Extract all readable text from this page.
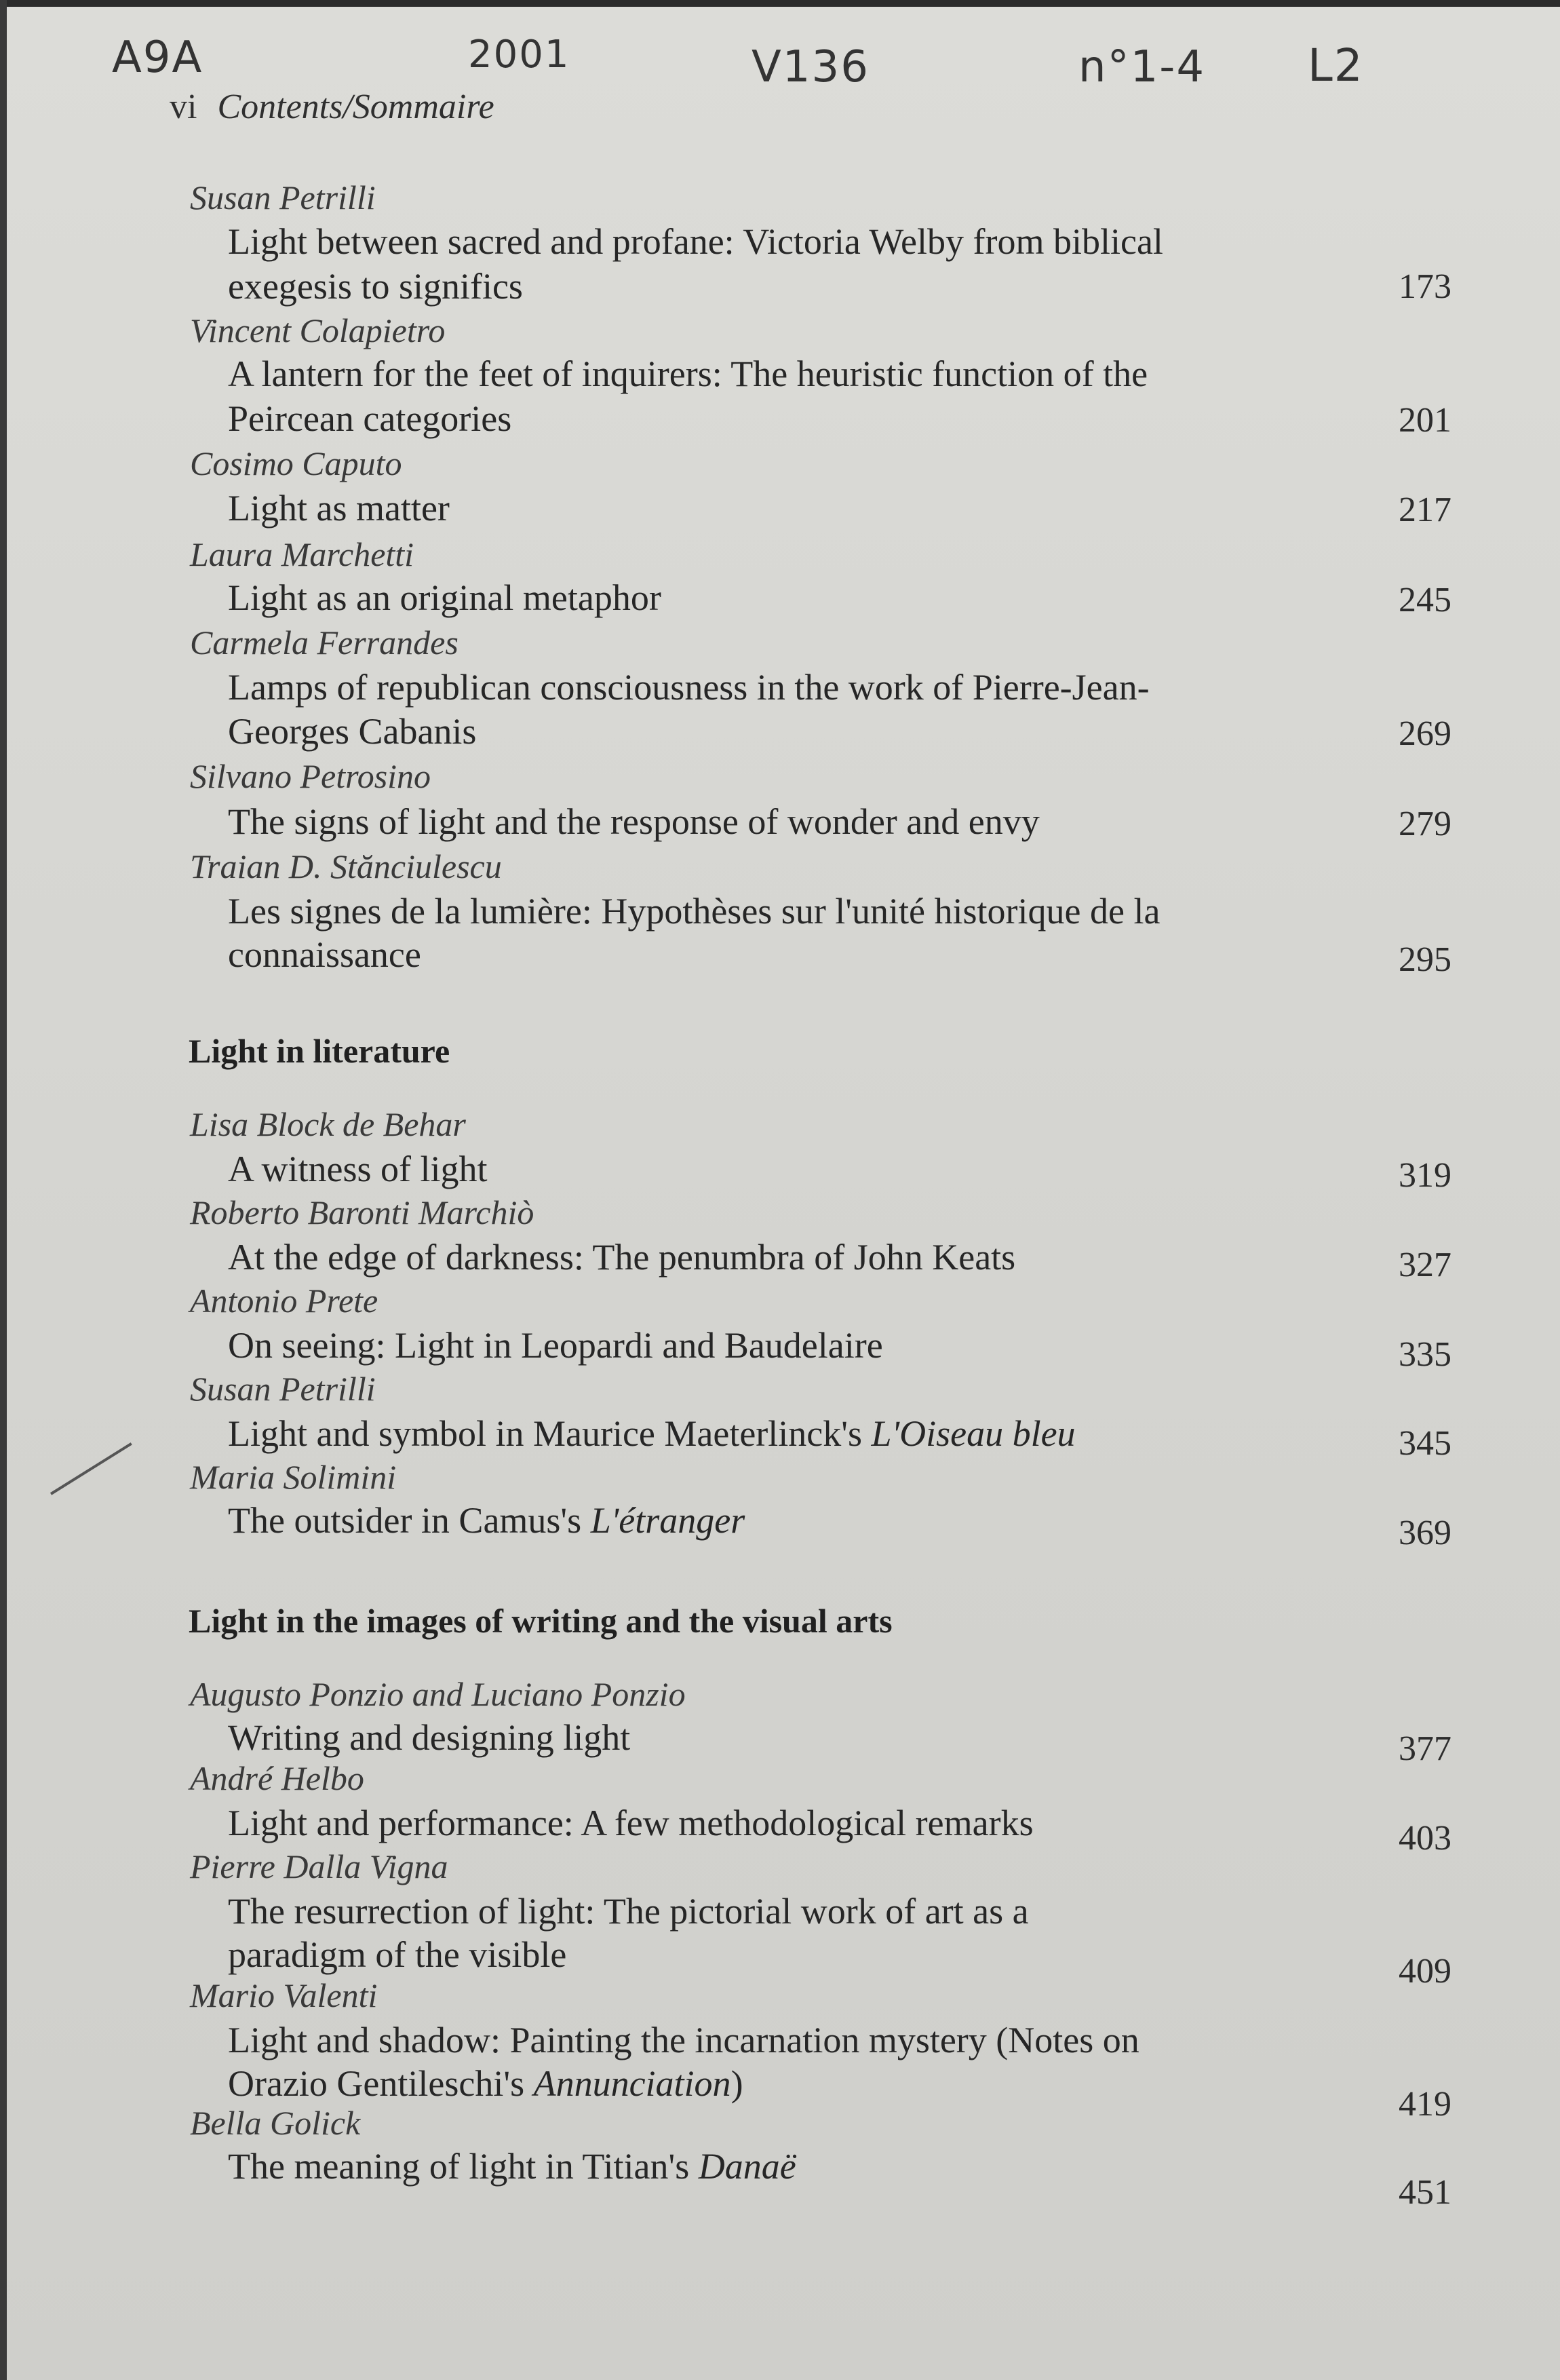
A9A	2001	V136	n°1-4 L2
vi Contents/Sommaire
Susan Petrilli
Light between sacred and profane: Victoria Welby from biblical
exegesis to significs	173
Vincent Colapietro
A lantern for the feet of inquirers: The heuristic function of the
Peircean categories	201
Cosimo Caputo
Light as matter	217
Laura Marchetti
Light as an original metaphor	245
Carmela Ferrandes
Lamps of republican consciousness in the work of Pierre-Jean-
Georges Cabanis	269
Silvano Petrosino
The signs of light and the response of wonder and envy	279
Traian D. Stănciulescu
Les signes de la lumière: Hypothèses sur l'unité historique de la
connaissance	295
Light in literature
Lisa Block de Behar
A witness of light	319
Roberto Baronti Marchiò
At the edge of darkness: The penumbra of John Keats	327
Antonio Prete
On seeing: Light in Leopardi and Baudelaire	335
Susan Petrilli
Light and symbol in Maurice Maeterlinck's L'Oiseau bleu	345
Maria Solimini
The outsider in Camus's L'étranger	369
Light in the images of writing and the visual arts
Augusto Ponzio and Luciano Ponzio
Writing and designing light	377
André Helbo
Light and performance: A few methodological remarks	403
Pierre Dalla Vigna
The resurrection of light: The pictorial work of art as a
paradigm of the visible	409
Mario Valenti
Light and shadow: Painting the incarnation mystery (Notes on
Orazio Gentileschi's Annunciation)
419
Bella Golick
The meaning of light in Titian's Danaë
451
